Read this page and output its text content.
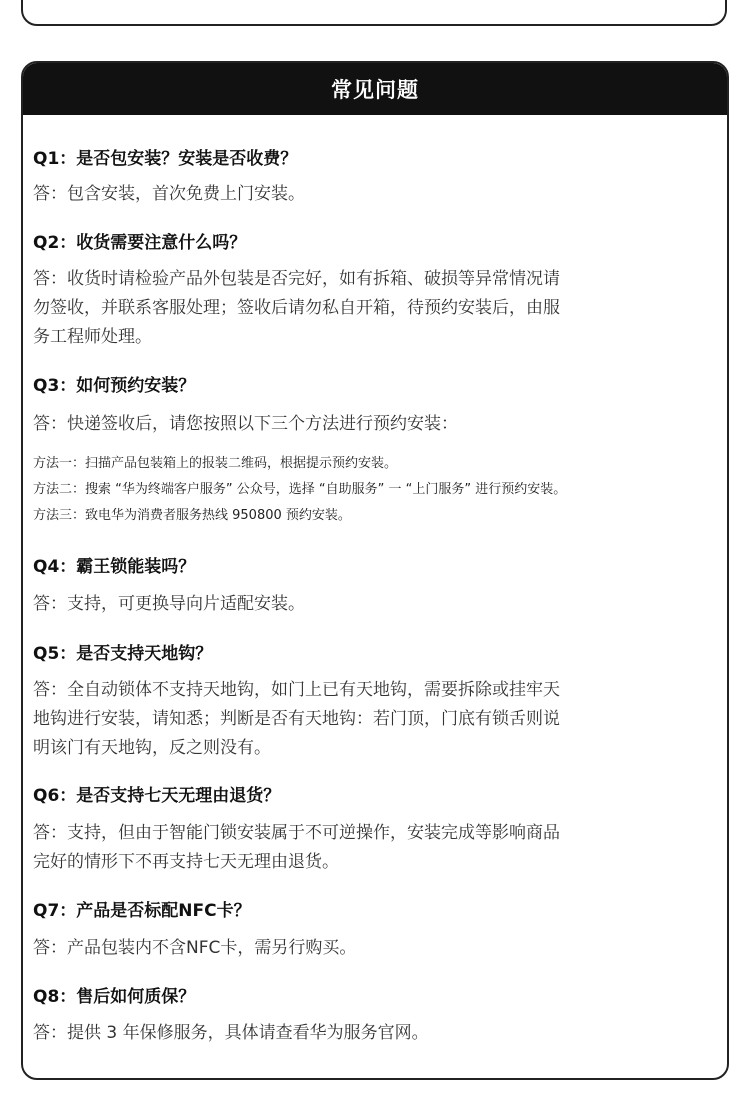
常见问题
Q1：是否包安装？安装是否收费？
答：包含安装，首次免费上门安装。
Q2：收货需要注意什么吗？
答：收货时请检验产品外包装是否完好，如有拆箱、破损等异常情况请
勿签收，并联系客服处理；签收后请勿私自开箱，待预约安装后，由服
务工程师处理。
Q3：如何预约安装？
答：快递签收后，请您按照以下三个方法进行预约安装：
方法一：扫描产品包装箱上的报装二维码，根据提示预约安装。
方法二：搜索 “华为终端客户服务” 公众号，选择 “自助服务” 一 “上门服务” 进行预约安装。
方法三：致电华为消费者服务热线 950800 预约安装。
Q4：霸王锁能装吗？
答：支持，可更换导向片适配安装。
Q5：是否支持天地钩？
答：全自动锁体不支持天地钩，如门上已有天地钩，需要拆除或挂牢天
地钩进行安装，请知悉；判断是否有天地钩：若门顶，门底有锁舌则说
明该门有天地钩，反之则没有。
Q6：是否支持七天无理由退货？
答：支持，但由于智能门锁安装属于不可逆操作，安装完成等影响商品
完好的情形下不再支持七天无理由退货。
Q7：产品是否标配NFC卡？
答：产品包装内不含NFC卡，需另行购买。
Q8：售后如何质保？
答：提供 3 年保修服务，具体请查看华为服务官网。
